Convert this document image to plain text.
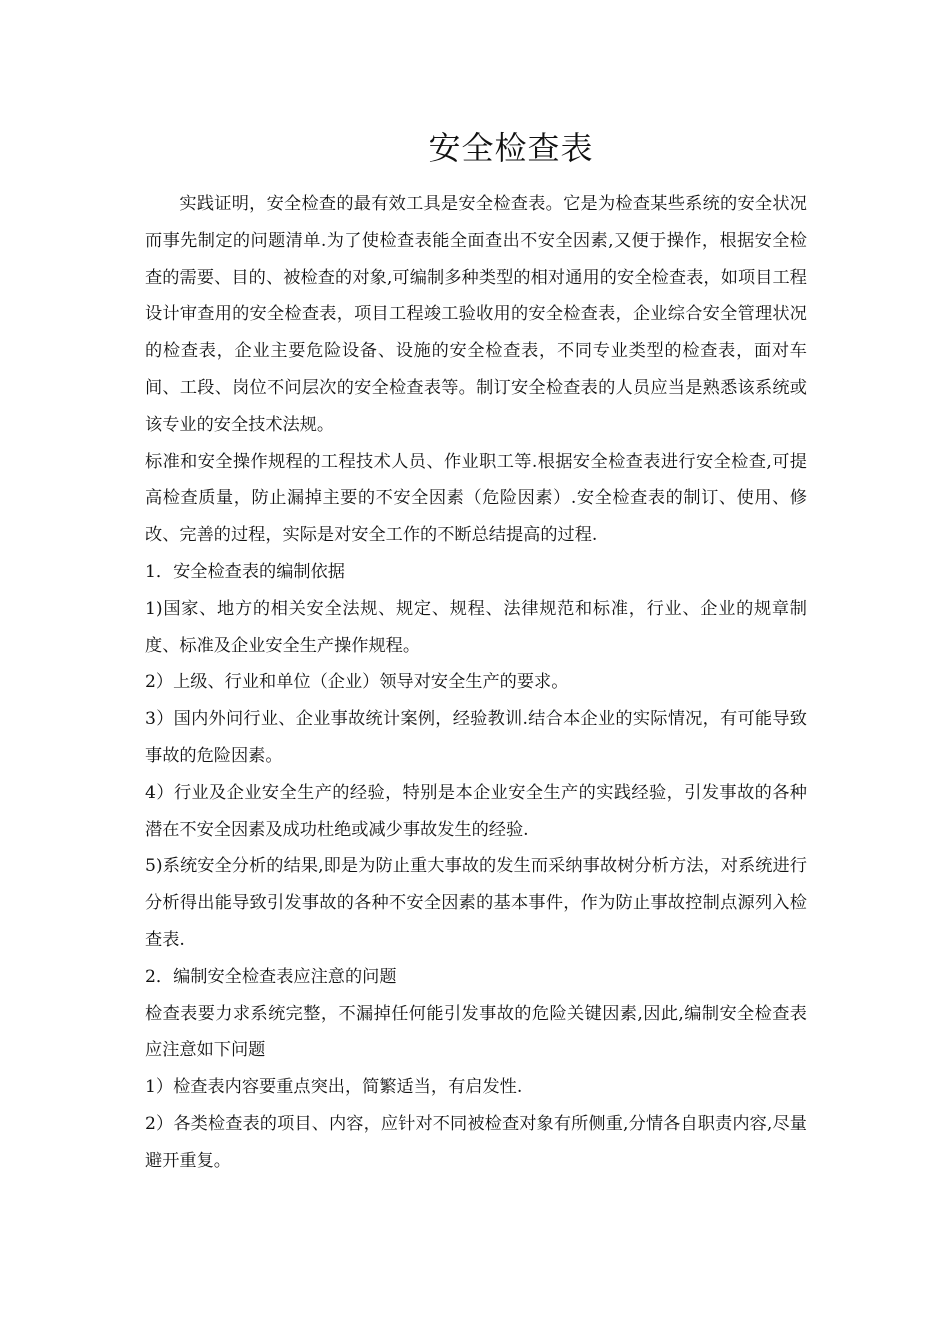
安全检查表

实践证明，安全检查的最有效工具是安全检查表。它是为检查某些系统的安全状况而事先制定的问题清单.为了使检查表能全面查出不安全因素,又便于操作，根据安全检查的需要、目的、被检查的对象,可编制多种类型的相对通用的安全检查表，如项目工程设计审查用的安全检查表，项目工程竣工验收用的安全检查表，企业综合安全管理状况的检查表，企业主要危险设备、设施的安全检查表，不同专业类型的检查表，面对车间、工段、岗位不问层次的安全检查表等。制订安全检查表的人员应当是熟悉该系统或该专业的安全技术法规。

标准和安全操作规程的工程技术人员、作业职工等.根据安全检查表进行安全检查,可提高检查质量，防止漏掉主要的不安全因素（危险因素）.安全检查表的制订、使用、修改、完善的过程，实际是对安全工作的不断总结提高的过程.

1．安全检查表的编制依据

1)国家、地方的相关安全法规、规定、规程、法律规范和标准，行业、企业的规章制度、标准及企业安全生产操作规程。

2）上级、行业和单位（企业）领导对安全生产的要求。

3）国内外问行业、企业事故统计案例，经验教训.结合本企业的实际情况，有可能导致事故的危险因素。

4）行业及企业安全生产的经验，特别是本企业安全生产的实践经验，引发事故的各种潜在不安全因素及成功杜绝或减少事故发生的经验.

5)系统安全分析的结果,即是为防止重大事故的发生而采纳事故树分析方法，对系统进行分析得出能导致引发事故的各种不安全因素的基本事件，作为防止事故控制点源列入检查表.

2．编制安全检查表应注意的问题

检查表要力求系统完整，不漏掉任何能引发事故的危险关键因素,因此,编制安全检查表应注意如下问题

1）检查表内容要重点突出，简繁适当，有启发性.

2）各类检查表的项目、内容，应针对不同被检查对象有所侧重,分情各自职责内容,尽量避开重复。
